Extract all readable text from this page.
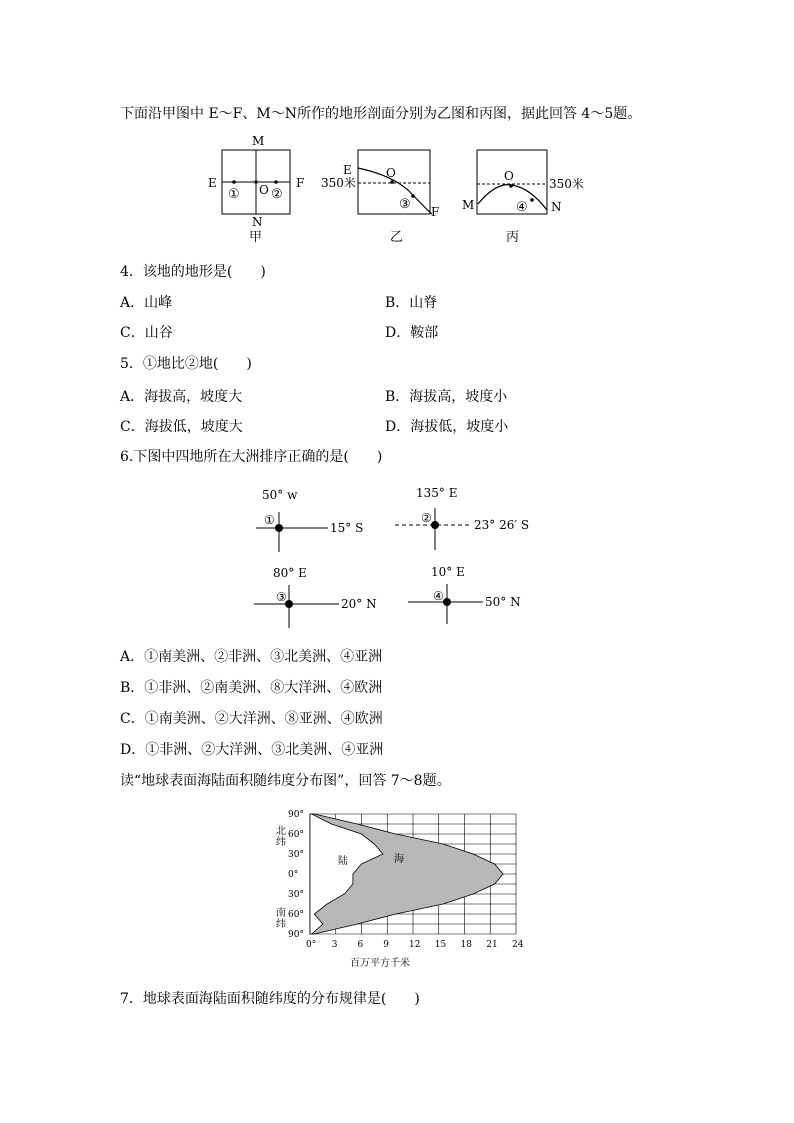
下面沿甲图中 E～F、M～N所作的地形剖面分别为乙图和丙图，据此回答 4～5题。
M
N
E	F
① O ②
甲
E
350米
O
③ F
乙
O
350米
M	④ N
丙
4．该地的地形是(　　)
A．山峰	B．山脊
C．山谷	D．鞍部
5．①地比②地(　　)
A．海拔高，坡度大	B．海拔高，坡度小
C．海拔低，坡度大	D．海拔低，坡度小
6.下图中四地所在大洲排序正确的是(　　)
50° w
①
15° S
135° E
②	23° 26′ S
80° E
③	20° N
10° E
④	50° N
A．①南美洲、②非洲、③北美洲、④亚洲
B．①非洲、②南美洲、⑧大洋洲、④欧洲
C．①南美洲、②大洋洲、⑧亚洲、④欧洲
D．①非洲、②大洋洲、③北美洲、④亚洲
读“地球表面海陆面积随纬度分布图”，回答 7～8题。
0° 3 6 9 12 15 18 21 24
90°
60°
30°
0°
30°
60°
90°
陆	海
北
纬
南
纬
百万平方千米
7．地球表面海陆面积随纬度的分布规律是(　　)
